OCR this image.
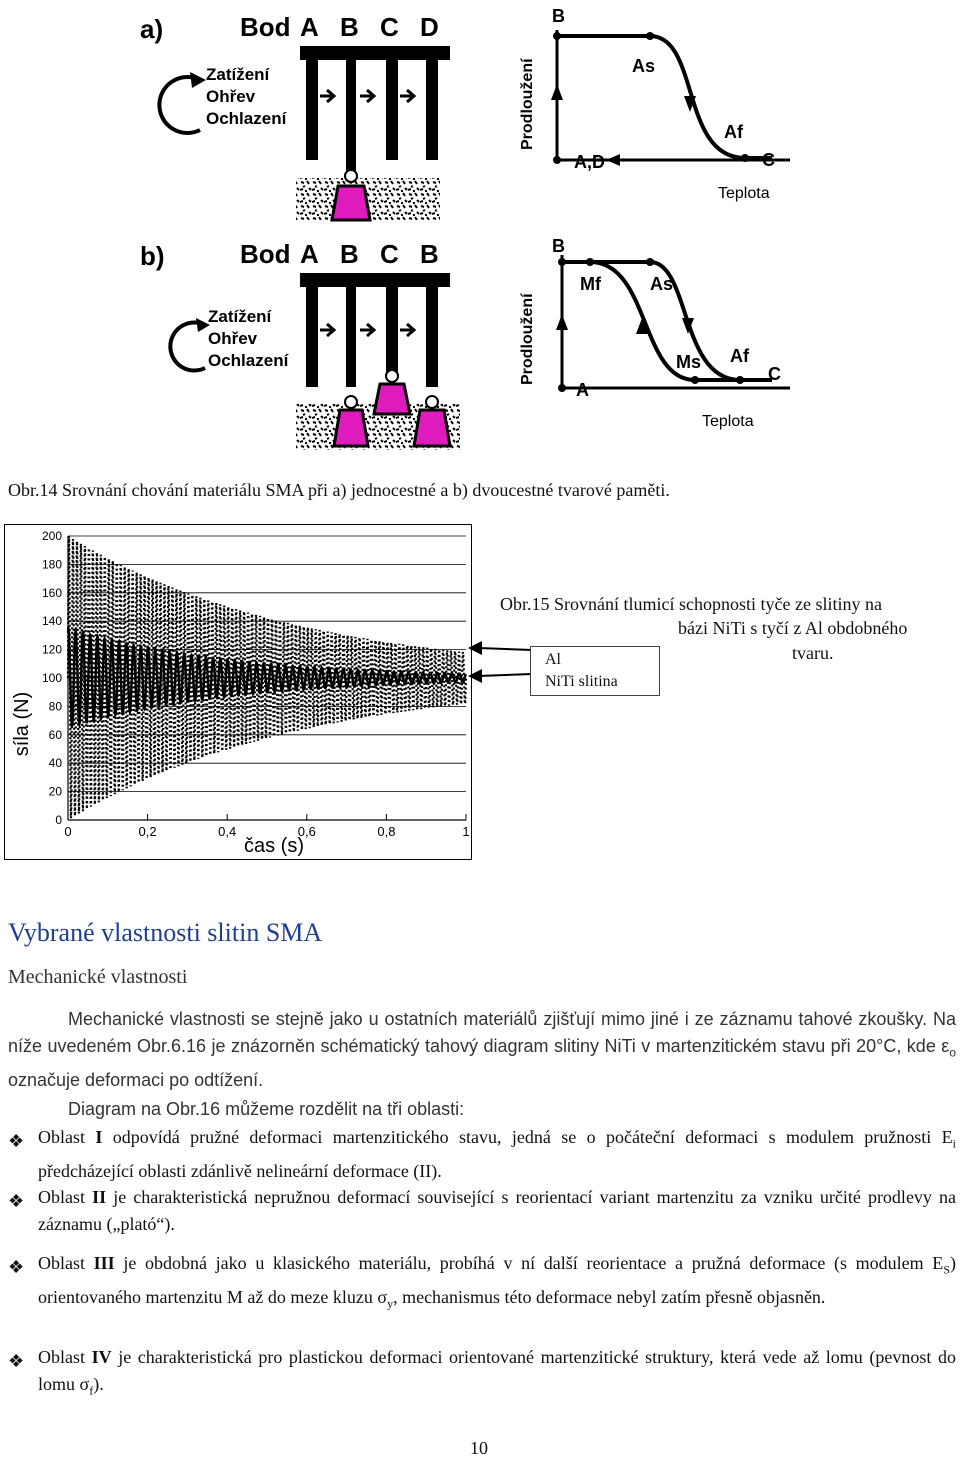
a)	Bod A B C D
Zatížení
Ohřev
Ochlazení	Prodloužení
Teplota
B
As
Af
C
A,D
b)	Bod A B C B
Zatížení
Ohřev
Ochlazení	Prodloužení
Teplota
B
Mf	As
Ms Af
C
A
Obr.14 Srovnání chování materiálu SMA při a) jednocestné a b) dvoucestné tvarové paměti.
0
20
40
60
80
100
120
140
160
180
200
0	0,2	0,4	0,6	0,8	1
síla (N)
čas (s)
Al
NiTi slitina
Obr.15 Srovnání tlumicí schopnosti tyče ze slitiny na
bázi NiTi s tyčí z Al obdobného
tvaru.
Vybrané vlastnosti slitin SMA
Mechanické vlastnosti
Mechanické vlastnosti se stejně jako u ostatních materiálů zjišťují mimo jiné i ze záznamu tahové zkoušky. Na níže uvedeném Obr.6.16 je znázorněn schématický tahový diagram slitiny NiTi v martenzitickém stavu při 20°C, kde $\varepsilon_o$ označuje deformaci po odtížení.
Diagram na Obr.16 můžeme rozdělit na tři oblasti:
❖ Oblast I odpovídá pružné deformaci martenzitického stavu, jedná se o počáteční deformaci s modulem pružnosti $E_i$ předcházející oblasti zdánlivě nelineární deformace (II).
❖ Oblast II je charakteristická nepružnou deformací související s reorientací variant martenzitu za vzniku určité prodlevy na záznamu („plató“).
❖ Oblast III je obdobná jako u klasického materiálu, probíhá v ní další reorientace a pružná deformace (s modulem $E_S$) orientovaného martenzitu M až do meze kluzu $\sigma_y$, mechanismus této deformace nebyl zatím přesně objasněn.
❖ Oblast IV je charakteristická pro plastickou deformaci orientované martenzitické struktury, která vede až lomu (pevnost do lomu $\sigma_f$).
10
